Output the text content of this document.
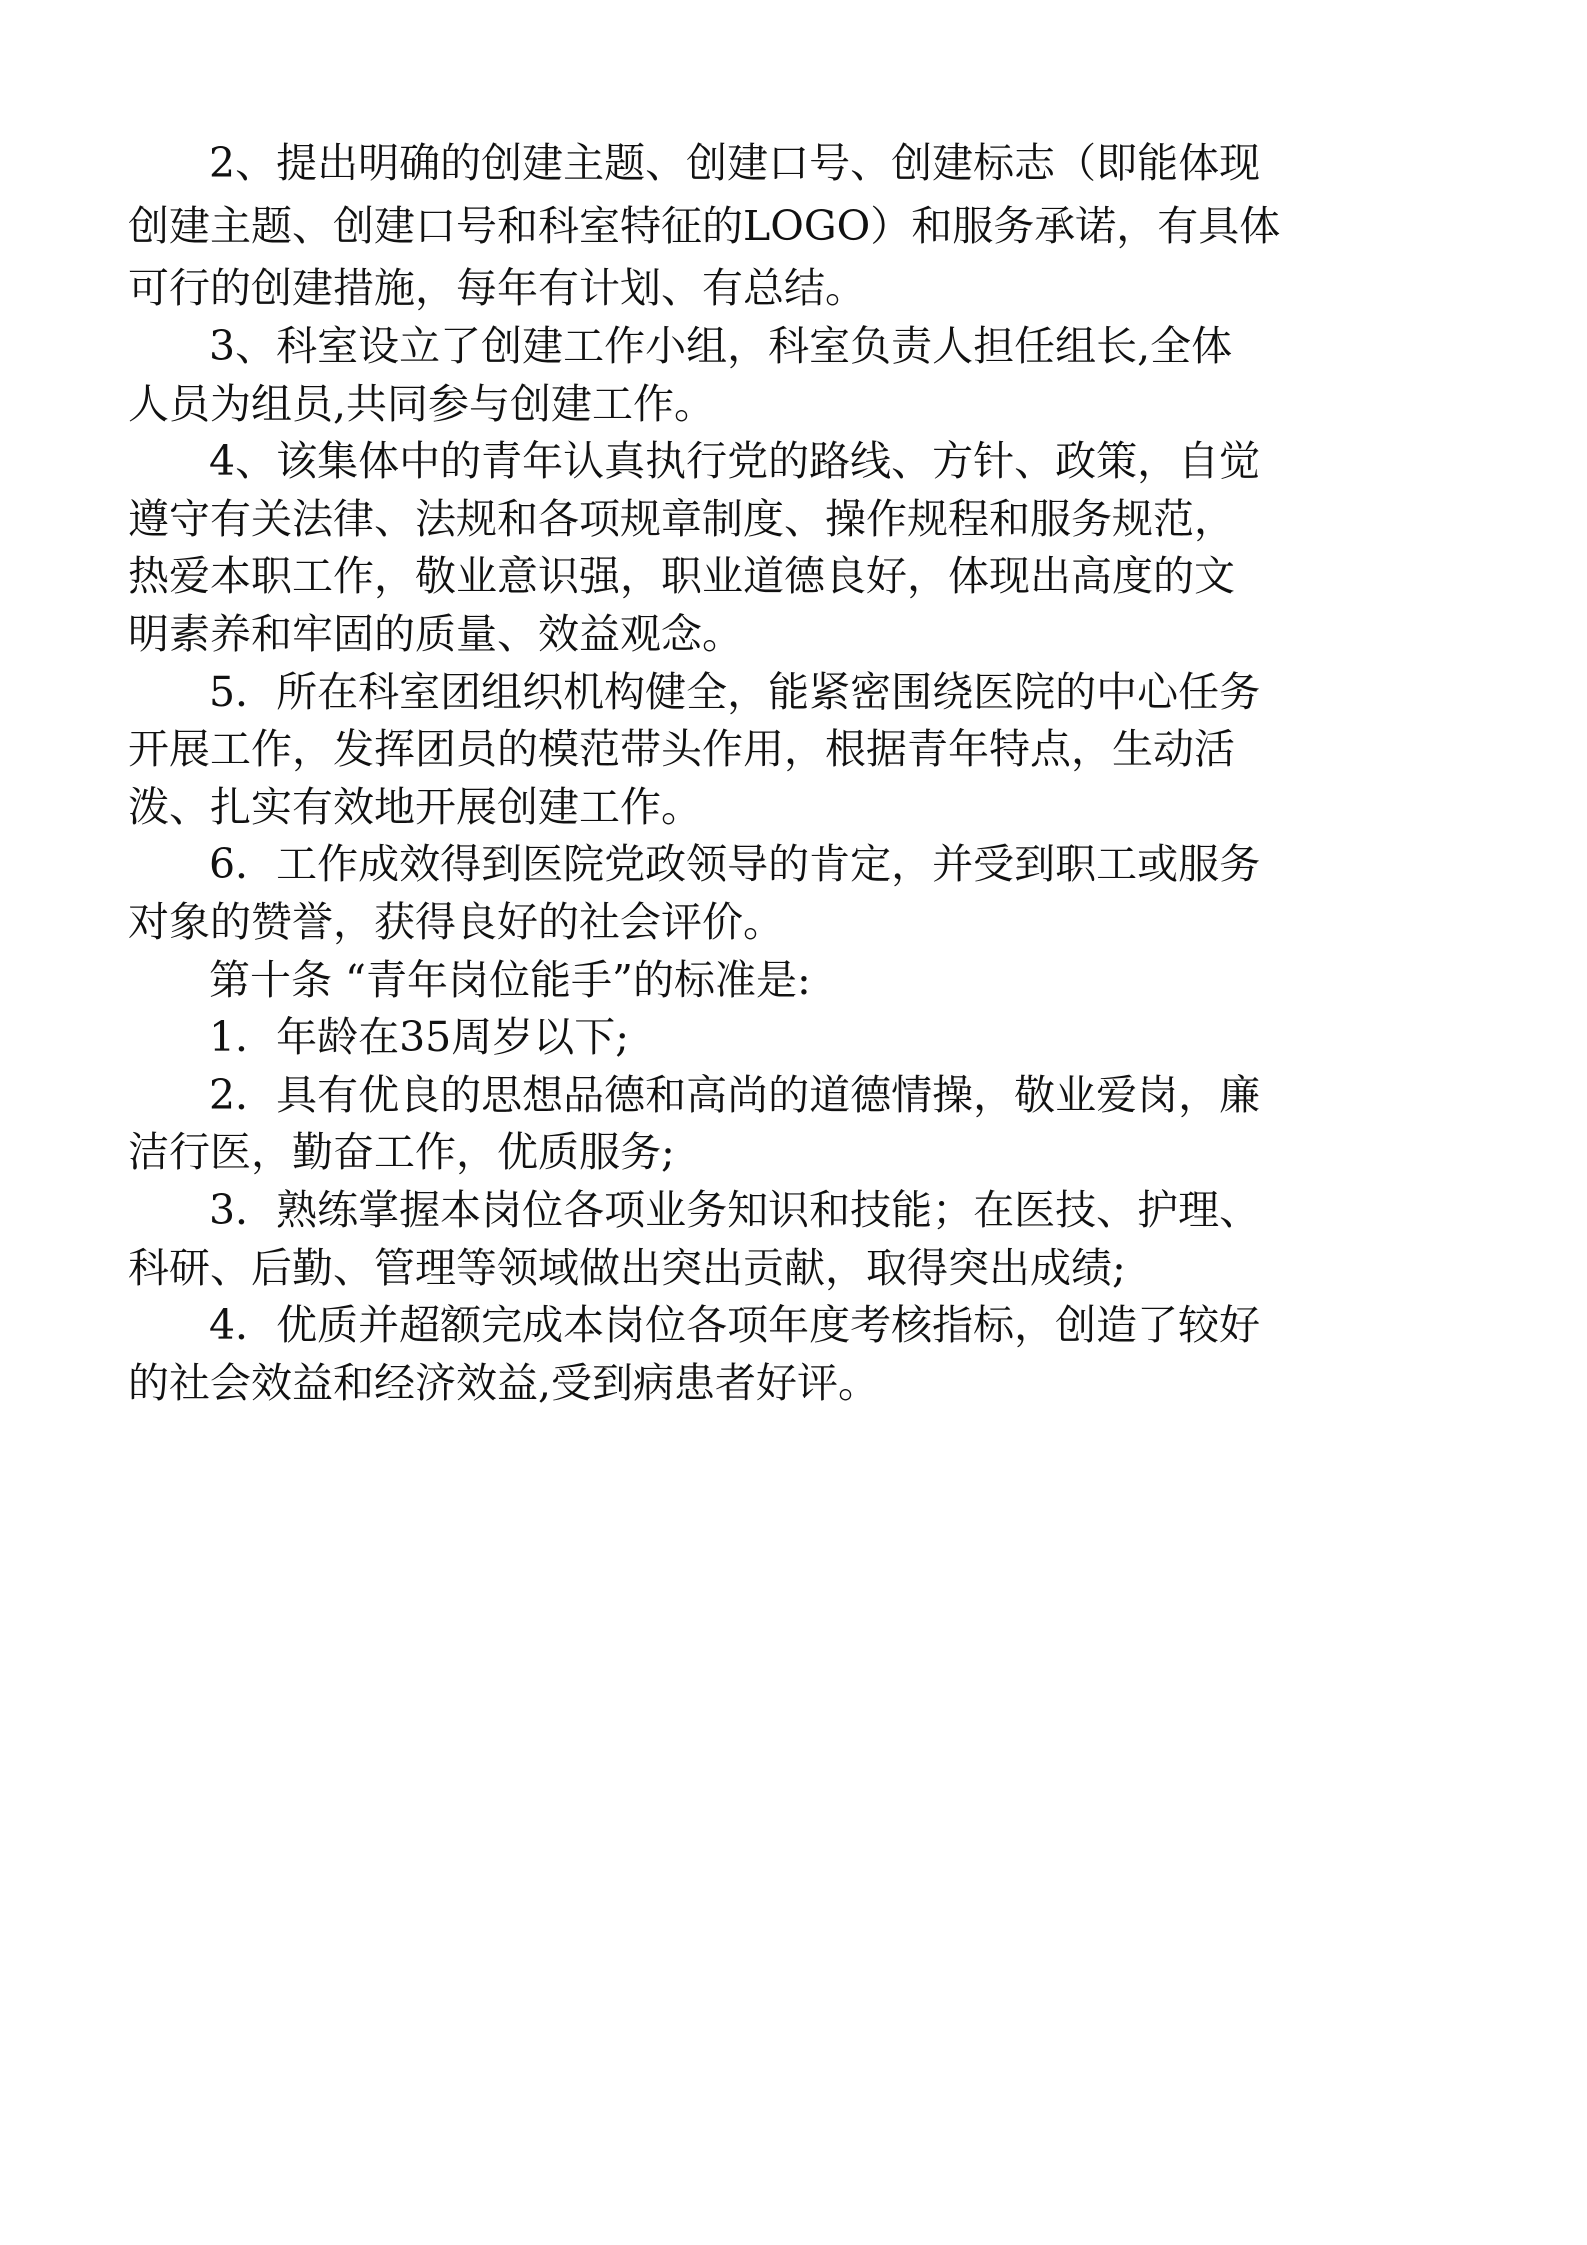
2、提出明确的创建主题、创建口号、创建标志（即能体现

创建主题、创建口号和科室特征的LOGO）和服务承诺，有具体

可行的创建措施，每年有计划、有总结。

3、科室设立了创建工作小组，科室负责人担任组长,全体

人员为组员,共同参与创建工作。

4、该集体中的青年认真执行党的路线、方针、政策，自觉

遵守有关法律、法规和各项规章制度、操作规程和服务规范，

热爱本职工作，敬业意识强，职业道德良好，体现出高度的文

明素养和牢固的质量、效益观念。

5．所在科室团组织机构健全，能紧密围绕医院的中心任务

开展工作，发挥团员的模范带头作用，根据青年特点，生动活

泼、扎实有效地开展创建工作。

6．工作成效得到医院党政领导的肯定，并受到职工或服务

对象的赞誉，获得良好的社会评价。

第十条 “青年岗位能手”的标准是:

1．年龄在35周岁以下;

2．具有优良的思想品德和高尚的道德情操，敬业爱岗，廉

洁行医，勤奋工作，优质服务;

3．熟练掌握本岗位各项业务知识和技能；在医技、护理、

科研、后勤、管理等领域做出突出贡献，取得突出成绩;

4．优质并超额完成本岗位各项年度考核指标，创造了较好

的社会效益和经济效益,受到病患者好评。
